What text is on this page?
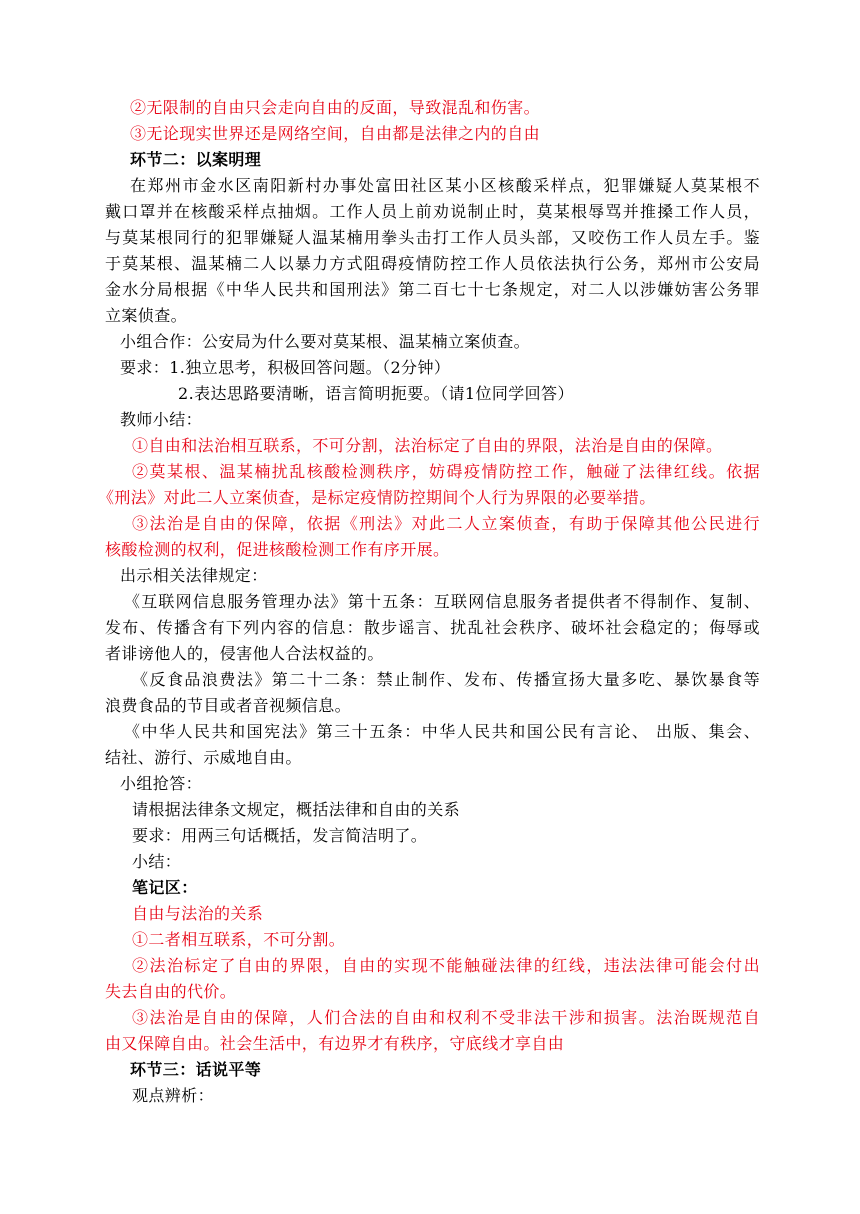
②无限制的自由只会走向自由的反面，导致混乱和伤害。
③无论现实世界还是网络空间，自由都是法律之内的自由
环节二：以案明理
在郑州市金水区南阳新村办事处富田社区某小区核酸采样点，犯罪嫌疑人莫某根不
戴口罩并在核酸采样点抽烟。工作人员上前劝说制止时，莫某根辱骂并推搡工作人员，
与莫某根同行的犯罪嫌疑人温某楠用拳头击打工作人员头部，又咬伤工作人员左手。鉴
于莫某根、温某楠二人以暴力方式阻碍疫情防控工作人员依法执行公务，郑州市公安局
金水分局根据《中华人民共和国刑法》第二百七十七条规定，对二人以涉嫌妨害公务罪
立案侦查。
小组合作：公安局为什么要对莫某根、温某楠立案侦查。
要求：1.独立思考，积极回答问题。（2分钟）
2.表达思路要清晰，语言简明扼要。（请1位同学回答）
教师小结：
①自由和法治相互联系，不可分割，法治标定了自由的界限，法治是自由的保障。
②莫某根、温某楠扰乱核酸检测秩序，妨碍疫情防控工作，触碰了法律红线。依据
《刑法》对此二人立案侦查，是标定疫情防控期间个人行为界限的必要举措。
③法治是自由的保障，依据《刑法》对此二人立案侦查，有助于保障其他公民进行
核酸检测的权利，促进核酸检测工作有序开展。
出示相关法律规定：
《互联网信息服务管理办法》第十五条：互联网信息服务者提供者不得制作、复制、
发布、传播含有下列内容的信息：散步谣言、扰乱社会秩序、破坏社会稳定的；侮辱或
者诽谤他人的，侵害他人合法权益的。
《反食品浪费法》第二十二条：禁止制作、发布、传播宣扬大量多吃、暴饮暴食等
浪费食品的节目或者音视频信息。
《中华人民共和国宪法》第三十五条：中华人民共和国公民有言论、 出版、集会、
结社、游行、示威地自由。
小组抢答：
请根据法律条文规定，概括法律和自由的关系
要求：用两三句话概括，发言简洁明了。
小结：
笔记区：
自由与法治的关系
①二者相互联系，不可分割。
②法治标定了自由的界限，自由的实现不能触碰法律的红线，违法法律可能会付出
失去自由的代价。
③法治是自由的保障，人们合法的自由和权利不受非法干涉和损害。法治既规范自
由又保障自由。社会生活中，有边界才有秩序，守底线才享自由
环节三：话说平等
观点辨析：
